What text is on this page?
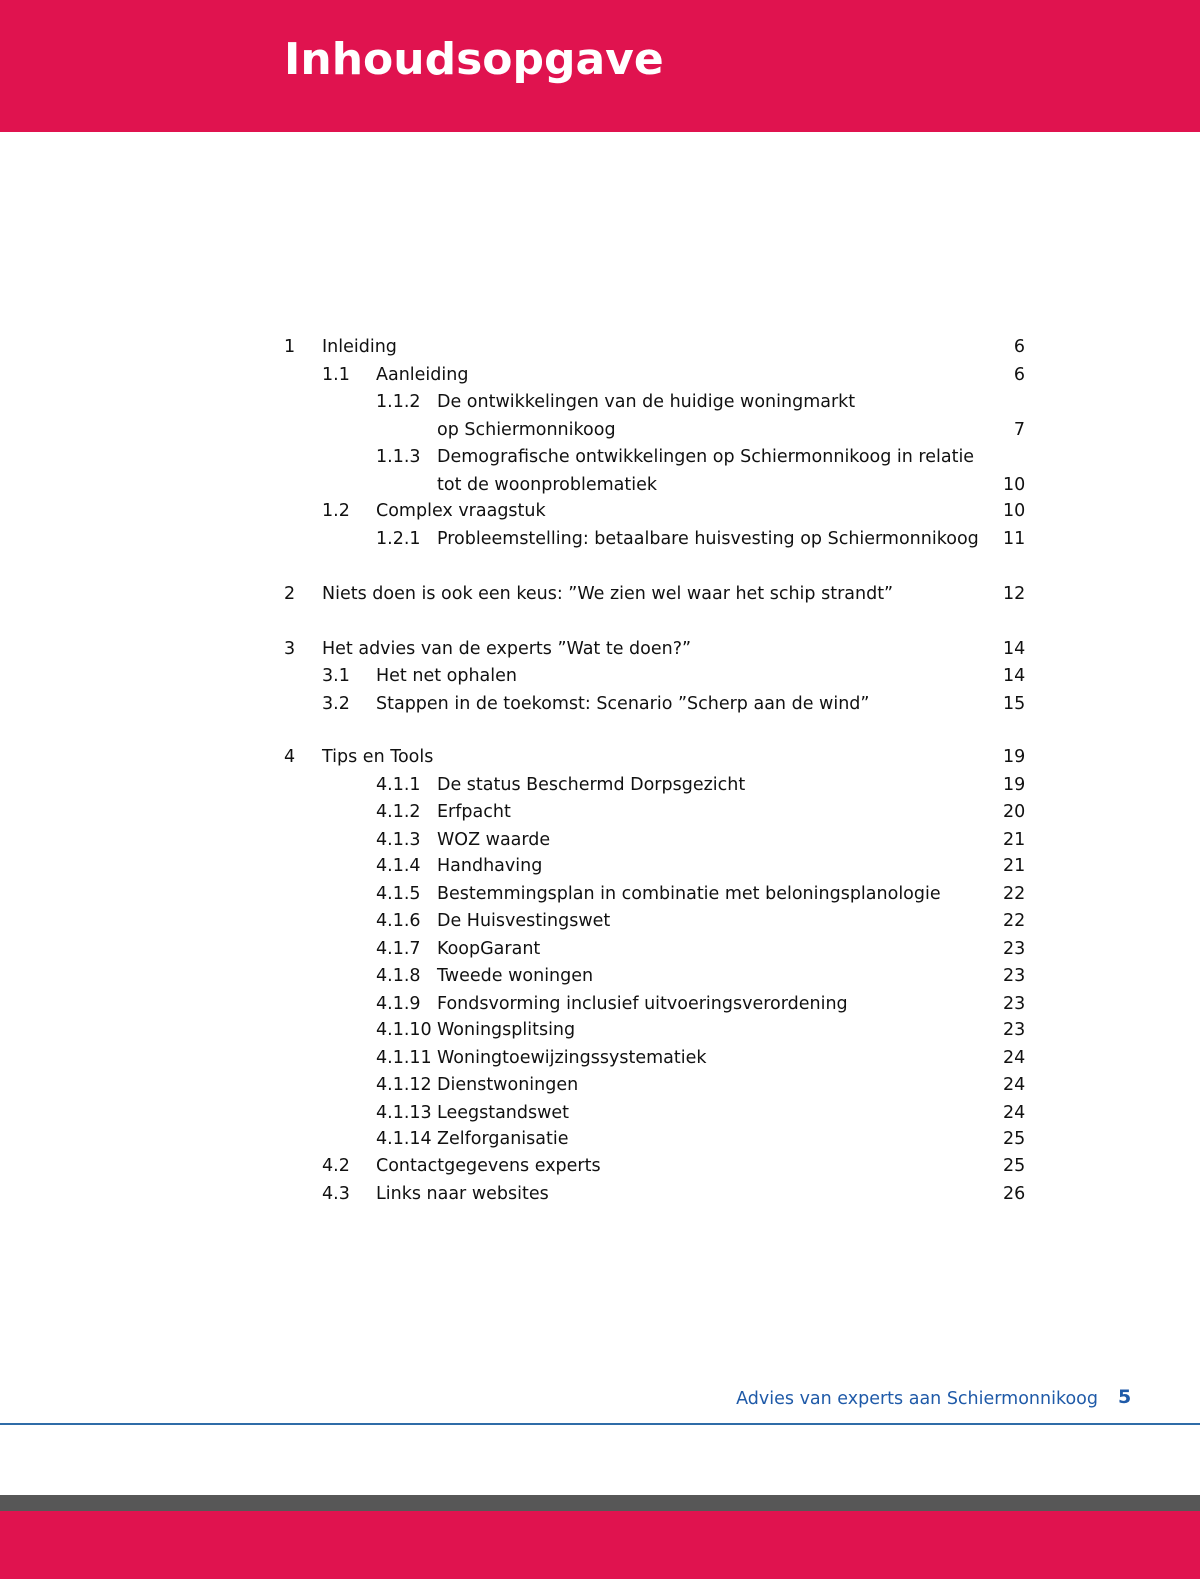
Inhoudsopgave
1 Inleiding	6
1.1 Aanleiding	6
1.1.2 De ontwikkelingen van de huidige woningmarkt
op Schiermonnikoog	7
1.1.3 Demografische ontwikkelingen op Schiermonnikoog in relatie
tot de woonproblematiek	10
1.2 Complex vraagstuk	10
1.2.1 Probleemstelling: betaalbare huisvesting op Schiermonnikoog 11
2 Niets doen is ook een keus: ”We zien wel waar het schip strandt”	12
3 Het advies van de experts ”Wat te doen?”	14
3.1 Het net ophalen	14
3.2 Stappen in de toekomst: Scenario ”Scherp aan de wind”	15
4 Tips en Tools	19
4.1.1 De status Beschermd Dorpsgezicht	19
4.1.2 Erfpacht	20
4.1.3 WOZ waarde	21
4.1.4 Handhaving	21
4.1.5 Bestemmingsplan in combinatie met beloningsplanologie	22
4.1.6 De Huisvestingswet	22
4.1.7 KoopGarant	23
4.1.8 Tweede woningen	23
4.1.9 Fondsvorming inclusief uitvoeringsverordening	23
4.1.10 Woningsplitsing	23
4.1.11 Woningtoewijzingssystematiek	24
4.1.12 Dienstwoningen	24
4.1.13 Leegstandswet	24
4.1.14 Zelforganisatie	25
4.2 Contactgegevens experts	25
4.3 Links naar websites	26
Advies van experts aan Schiermonnikoog 5
